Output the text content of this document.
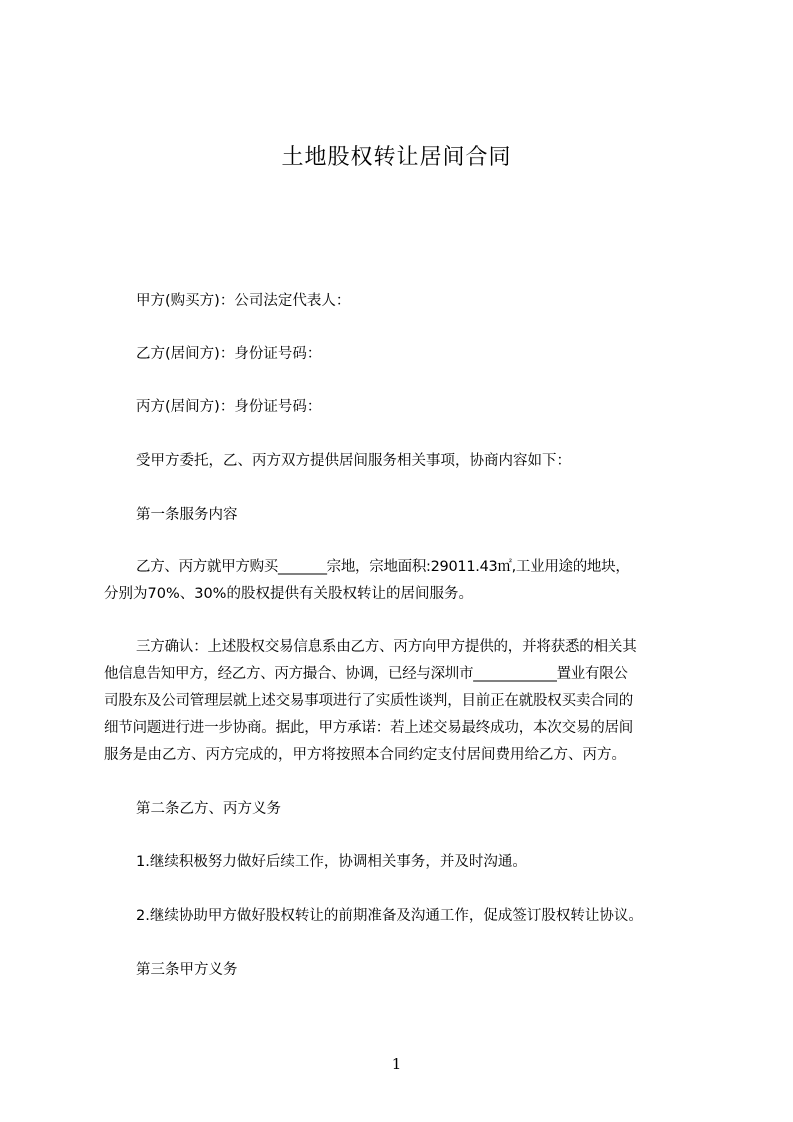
土地股权转让居间合同
甲方(购买方)：公司法定代表人：
乙方(居间方)：身份证号码：
丙方(居间方)：身份证号码：
受甲方委托，乙、丙方双方提供居间服务相关事项，协商内容如下：
第一条服务内容
乙方、丙方就甲方购买_______宗地，宗地面积:29011.43㎡,工业用途的地块，
分别为70%、30%的股权提供有关股权转让的居间服务。
三方确认：上述股权交易信息系由乙方、丙方向甲方提供的，并将获悉的相关其
他信息告知甲方，经乙方、丙方撮合、协调，已经与深圳市____________置业有限公
司股东及公司管理层就上述交易事项进行了实质性谈判，目前正在就股权买卖合同的
细节问题进行进一步协商。据此，甲方承诺：若上述交易最终成功，本次交易的居间
服务是由乙方、丙方完成的，甲方将按照本合同约定支付居间费用给乙方、丙方。
第二条乙方、丙方义务
1.继续积极努力做好后续工作，协调相关事务，并及时沟通。
2.继续协助甲方做好股权转让的前期准备及沟通工作，促成签订股权转让协议。
第三条甲方义务
1
